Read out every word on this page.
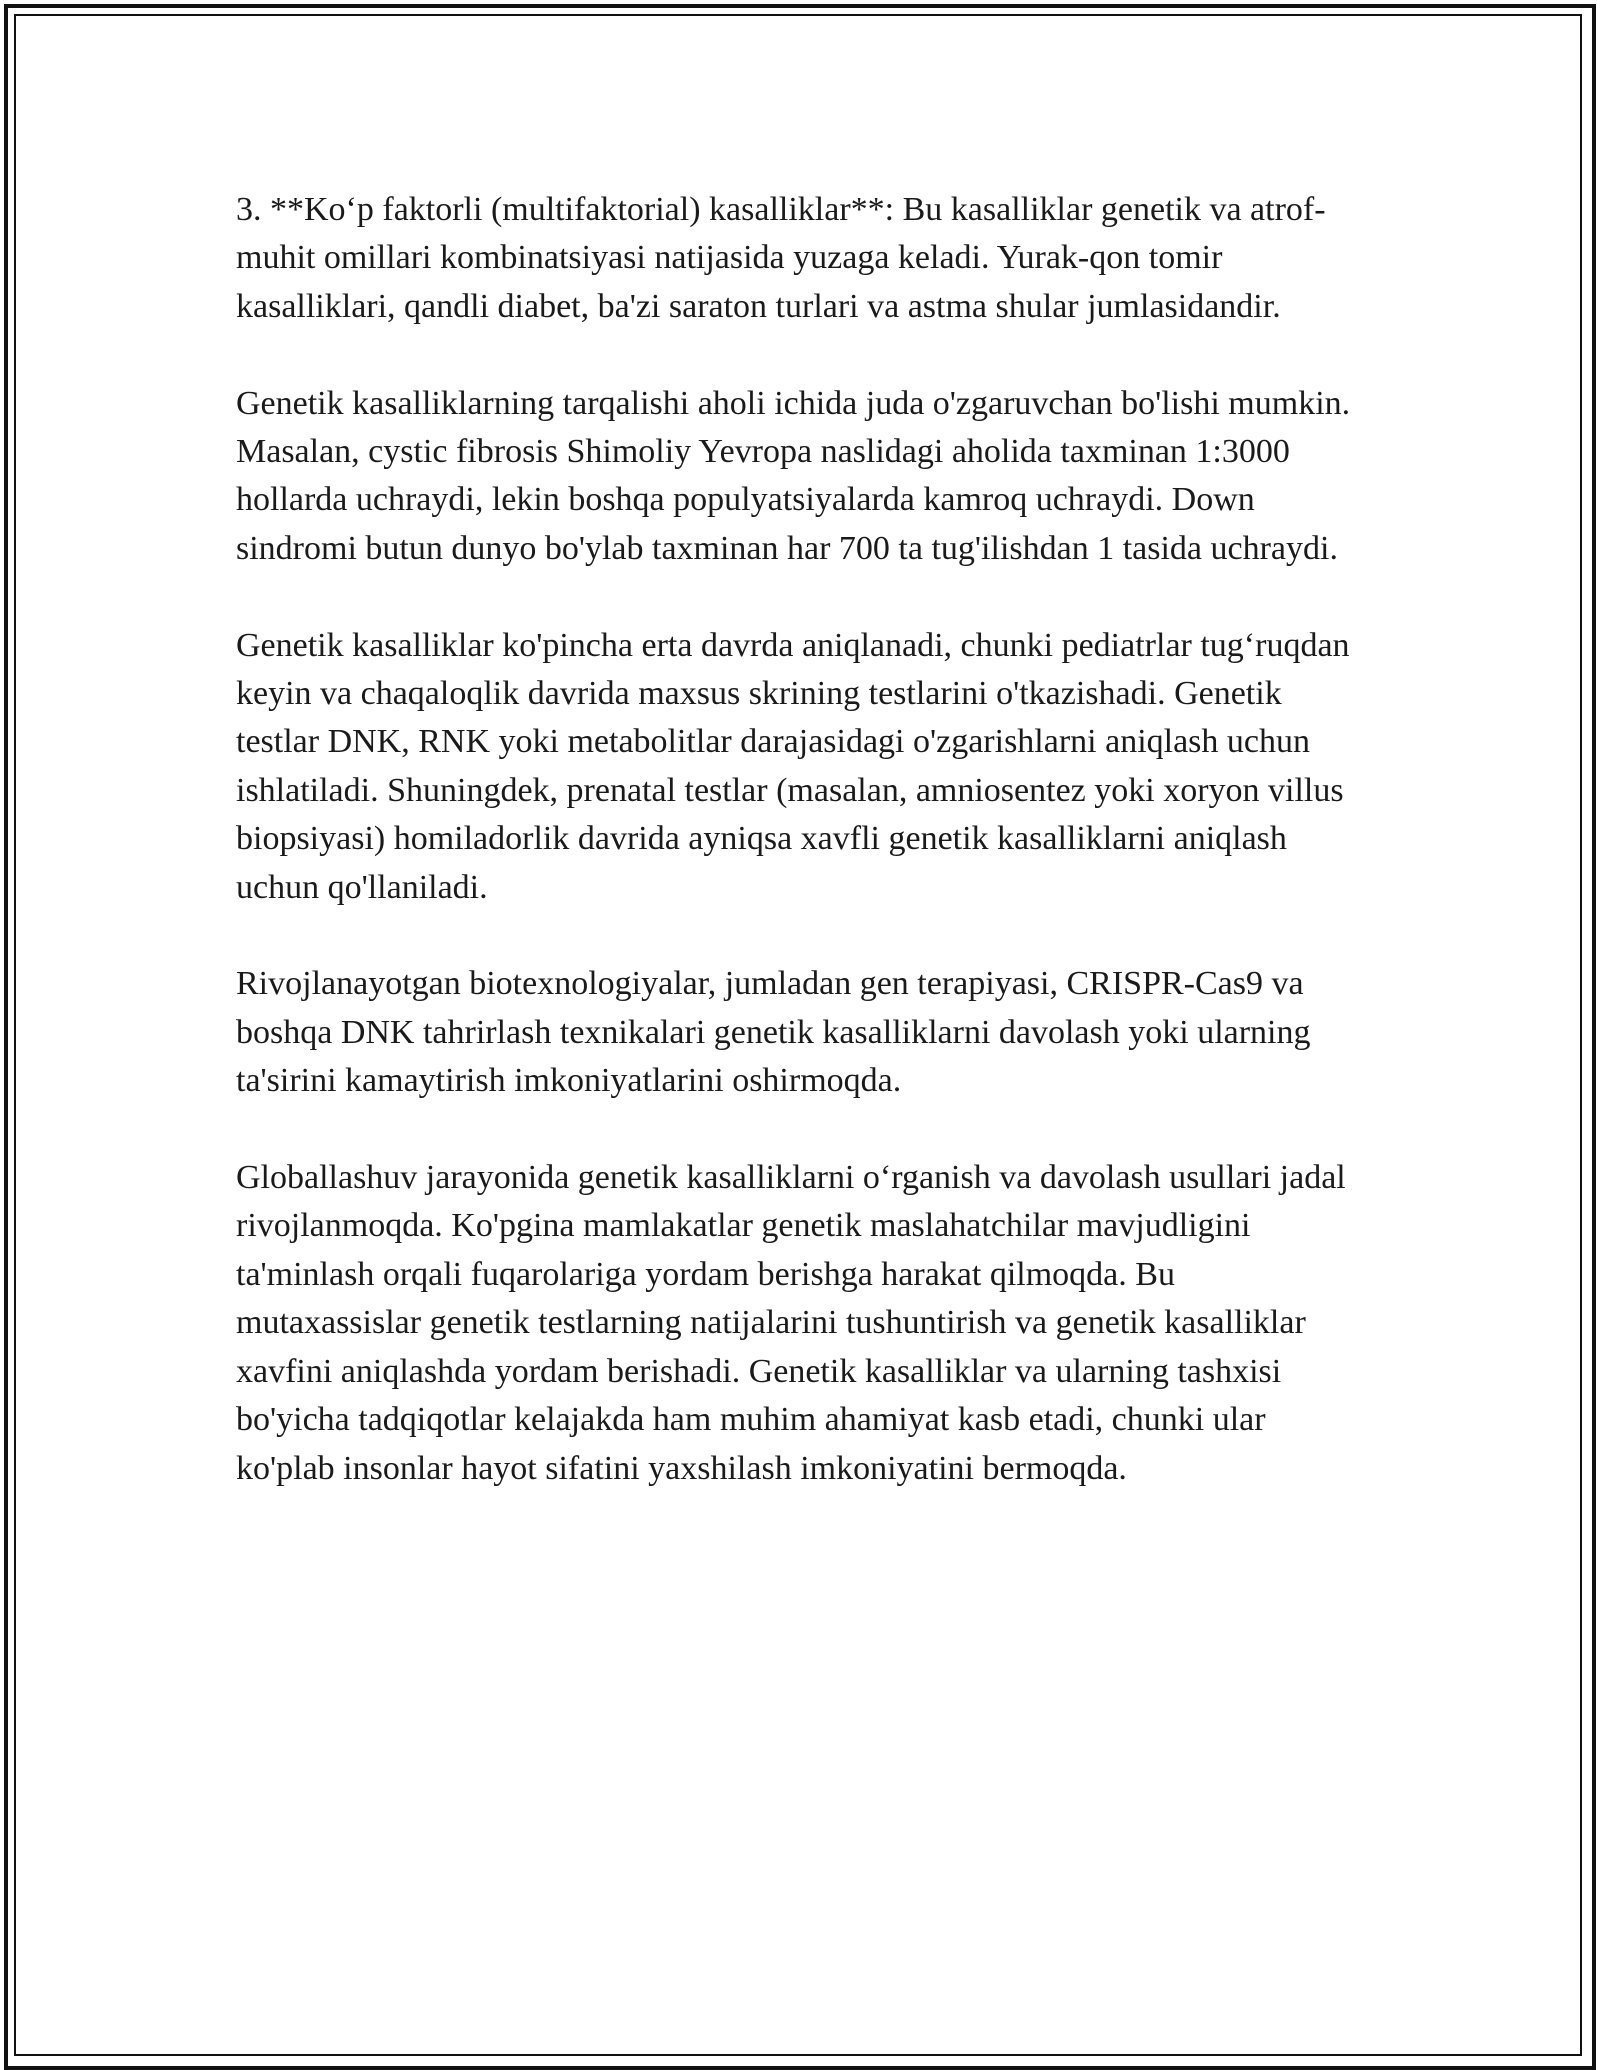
3. **Ko‘p faktorli (multifaktorial) kasalliklar**: Bu kasalliklar genetik va atrof-muhit omillari kombinatsiyasi natijasida yuzaga keladi. Yurak-qon tomir kasalliklari, qandli diabet, ba'zi saraton turlari va astma shular jumlasidandir.

Genetik kasalliklarning tarqalishi aholi ichida juda o'zgaruvchan bo'lishi mumkin. Masalan, cystic fibrosis Shimoliy Yevropa naslidagi aholida taxminan 1:3000 hollarda uchraydi, lekin boshqa populyatsiyalarda kamroq uchraydi. Down sindromi butun dunyo bo'ylab taxminan har 700 ta tug'ilishdan 1 tasida uchraydi.

Genetik kasalliklar ko'pincha erta davrda aniqlanadi, chunki pediatrlar tug‘ruqdan keyin va chaqaloqlik davrida maxsus skrining testlarini o'tkazishadi. Genetik testlar DNK, RNK yoki metabolitlar darajasidagi o'zgarishlarni aniqlash uchun ishlatiladi. Shuningdek, prenatal testlar (masalan, amniosentez yoki xoryon villus biopsiyasi) homiladorlik davrida ayniqsa xavfli genetik kasalliklarni aniqlash uchun qo'llaniladi.

Rivojlanayotgan biotexnologiyalar, jumladan gen terapiyasi, CRISPR-Cas9 va boshqa DNK tahrirlash texnikalari genetik kasalliklarni davolash yoki ularning ta'sirini kamaytirish imkoniyatlarini oshirmoqda.

Globallashuv jarayonida genetik kasalliklarni o‘rganish va davolash usullari jadal rivojlanmoqda. Ko'pgina mamlakatlar genetik maslahatchilar mavjudligini ta'minlash orqali fuqarolariga yordam berishga harakat qilmoqda. Bu mutaxassislar genetik testlarning natijalarini tushuntirish va genetik kasalliklar xavfini aniqlashda yordam berishadi. Genetik kasalliklar va ularning tashxisi bo'yicha tadqiqotlar kelajakda ham muhim ahamiyat kasb etadi, chunki ular ko'plab insonlar hayot sifatini yaxshilash imkoniyatini bermoqda.
